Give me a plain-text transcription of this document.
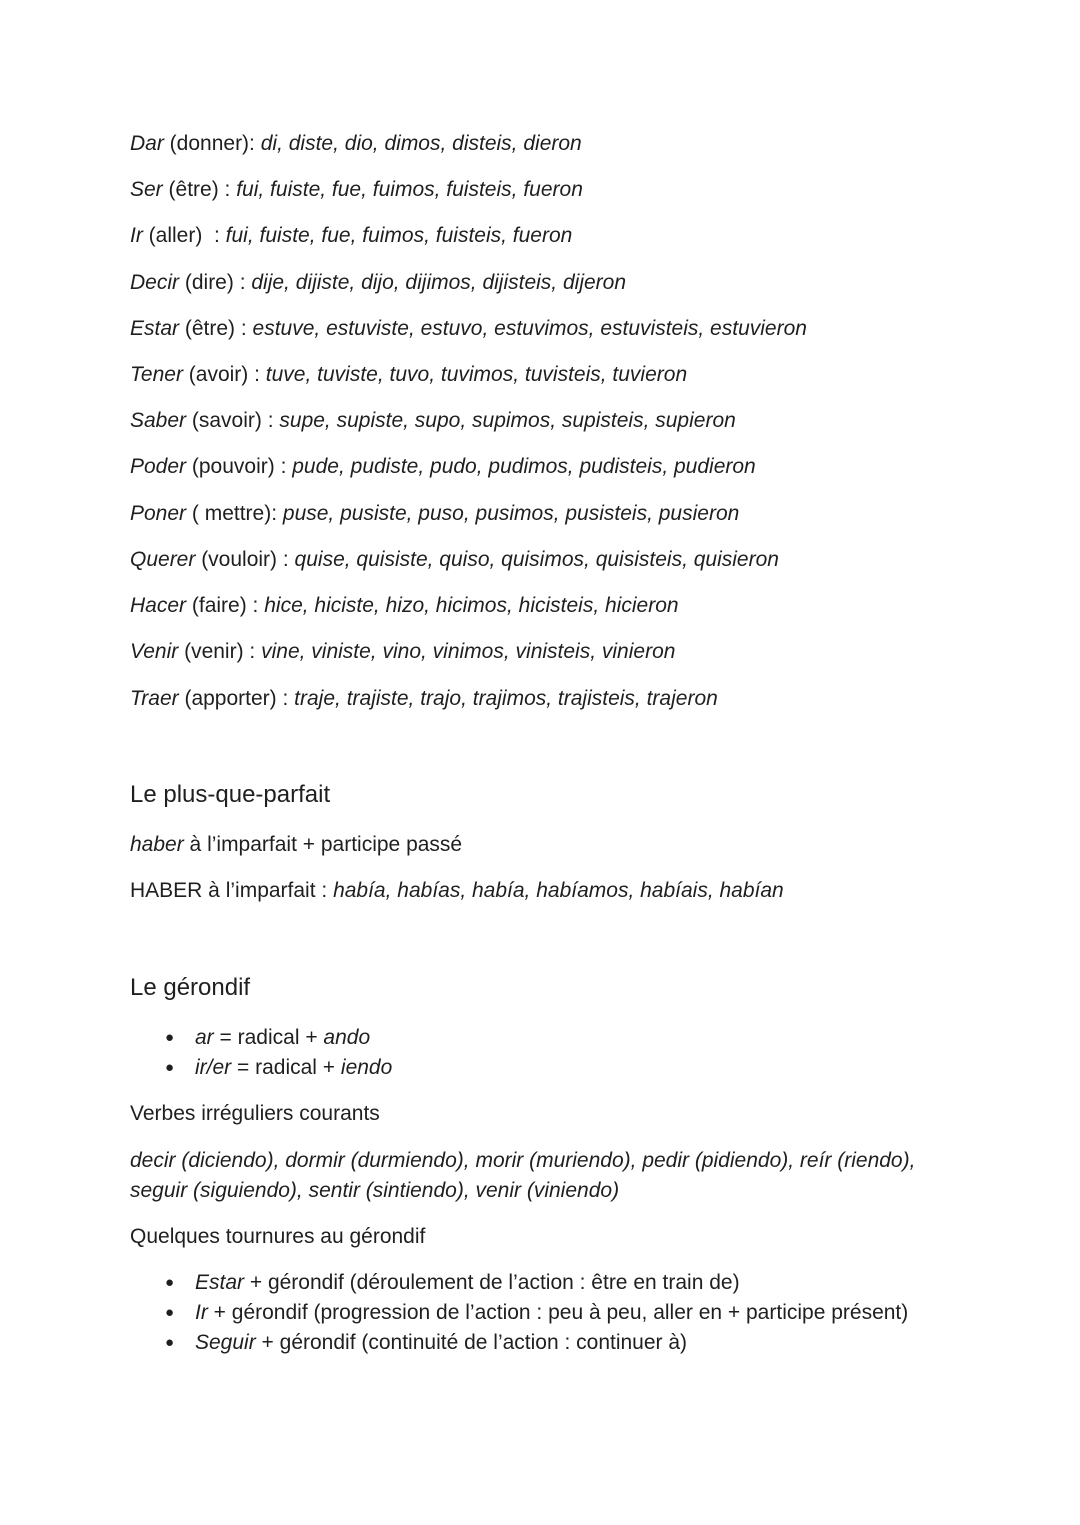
Dar (donner): di, diste, dio, dimos, disteis, dieron
Ser (être) : fui, fuiste, fue, fuimos, fuisteis, fueron
Ir (aller)  : fui, fuiste, fue, fuimos, fuisteis, fueron
Decir (dire) : dije, dijiste, dijo, dijimos, dijisteis, dijeron
Estar (être) : estuve, estuviste, estuvo, estuvimos, estuvisteis, estuvieron
Tener (avoir) : tuve, tuviste, tuvo, tuvimos, tuvisteis, tuvieron
Saber (savoir) : supe, supiste, supo, supimos, supisteis, supieron
Poder (pouvoir) : pude, pudiste, pudo, pudimos, pudisteis, pudieron
Poner ( mettre): puse, pusiste, puso, pusimos, pusisteis, pusieron
Querer (vouloir) : quise, quisiste, quiso, quisimos, quisisteis, quisieron
Hacer (faire) : hice, hiciste, hizo, hicimos, hicisteis, hicieron
Venir (venir) : vine, viniste, vino, vinimos, vinisteis, vinieron
Traer (apporter) : traje, trajiste, trajo, trajimos, trajisteis, trajeron
Le plus-que-parfait
haber à l’imparfait + participe passé
HABER à l’imparfait : había, habías, había, habíamos, habíais, habían
Le gérondif
● ar = radical + ando
● ir/er = radical + iendo
Verbes irréguliers courants
decir (diciendo), dormir (durmiendo), morir (muriendo), pedir (pidiendo), reír (riendo),
seguir (siguiendo), sentir (sintiendo), venir (viniendo)
Quelques tournures au gérondif
● Estar + gérondif (déroulement de l’action : être en train de)
● Ir + gérondif (progression de l’action : peu à peu, aller en + participe présent)
● Seguir + gérondif (continuité de l’action : continuer à)
